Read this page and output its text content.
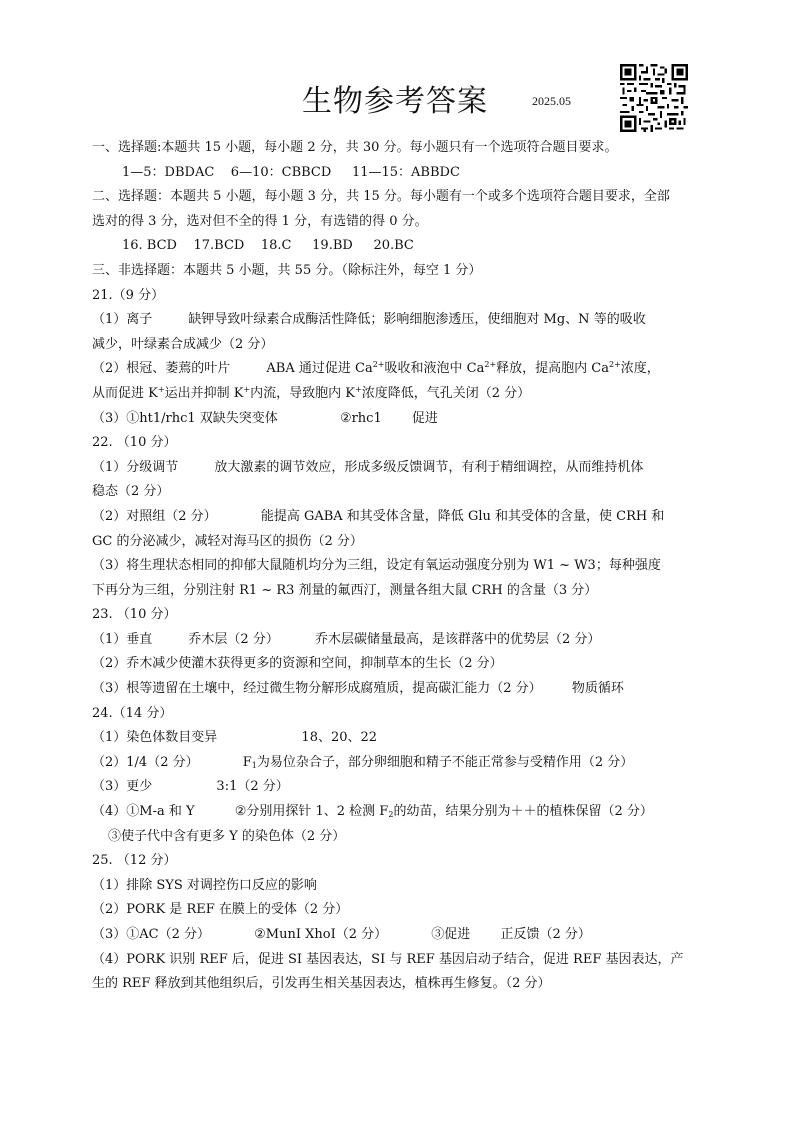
生物参考答案	2025.05
一、选择题:本题共 15 小题，每小题 2 分，共 30 分。每小题只有一个选项符合题目要求。
1—5：DBDAC    6—10：CBBCD     11—15：ABBDC
二、选择题：本题共 5 小题，每小题 3 分，共 15 分。每小题有一个或多个选项符合题目要求，全部
选对的得 3 分，选对但不全的得 1 分，有选错的得 0 分。
16. BCD    17.BCD    18.C     19.BD     20.BC
三、非选择题：本题共 5 小题，共 55 分。（除标注外，每空 1 分）
21.（9 分）
（1）离子	缺钾导致叶绿素合成酶活性降低；影响细胞渗透压，使细胞对 Mg、N 等的吸收
减少，叶绿素合成减少（2 分）
（2）根冠、萎蔫的叶片	ABA 通过促进 $Ca^{2+}$吸收和液泡中 $Ca^{2+}$释放，提高胞内 $Ca^{2+}$浓度，
从而促进 K+运出并抑制 K+内流，导致胞内 K+浓度降低，气孔关闭（2 分）
（3）①ht1/rhc1 双缺失突变体	②rhc1 促进
22. （10 分）
（1）分级调节	放大激素的调节效应，形成多级反馈调节，有利于精细调控，从而维持机体
稳态（2 分）
（2）对照组（2 分）	能提高 GABA 和其受体含量，降低 Glu 和其受体的含量，使 CRH 和
GC 的分泌减少，减轻对海马区的损伤（2 分）
（3）将生理状态相同的抑郁大鼠随机均分为三组，设定有氧运动强度分别为 W1 ~ W3；每种强度
下再分为三组，分别注射 R1 ~ R3 剂量的氟西汀，测量各组大鼠 CRH 的含量（3 分）
23. （10 分）
（1）垂直	乔木层（2 分）	乔木层碳储量最高，是该群落中的优势层（2 分）
（2）乔木减少使灌木获得更多的资源和空间，抑制草本的生长（2 分）
（3）根等遗留在土壤中，经过微生物分解形成腐殖质，提高碳汇能力（2 分） 物质循环
24.（14 分）
（1）染色体数目变异	18、20、22
（2）1/4（2 分）	$F_1$为易位杂合子，部分卵细胞和精子不能正常参与受精作用（2 分）
（3）更少	3:1（2 分）
（4）①M-a 和 Y	②分别用探针 1、2 检测 $F_2$的幼苗，结果分别为＋＋的植株保留（2 分）
③使子代中含有更多 Y 的染色体（2 分）
25. （12 分）
（1）排除 SYS 对调控伤口反应的影响
（2）PORK 是 REF 在膜上的受体（2 分）
（3）①AC（2 分）	②MunI XhoI（2 分）	③促进 正反馈（2 分）
（4）PORK 识别 REF 后，促进 SI 基因表达，SI 与 REF 基因启动子结合，促进 REF 基因表达，产
生的 REF 释放到其他组织后，引发再生相关基因表达，植株再生修复。（2 分）
